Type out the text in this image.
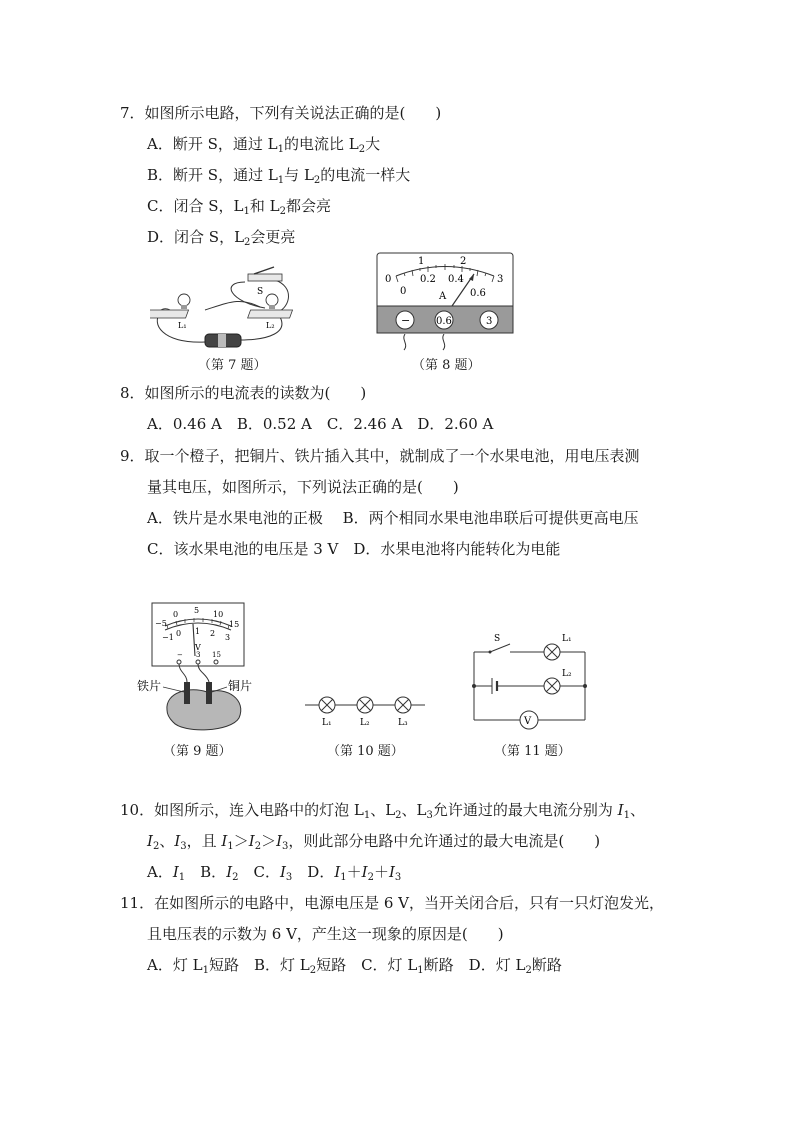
7．如图所示电路，下列有关说法正确的是(　　)
A．断开 S，通过 $L_1$的电流比 $L_2$大
B．断开 S，通过 $L_1$与 $L_2$的电流一样大
C．闭合 S，$L_1$和 $L_2$都会亮
D．闭合 S，$L_2$会更亮
L₁	L₂
S
（第 7 题）
0
1	2
3
0
0.2 0.4
0.6
A
−	0.6	3
（第 8 题）
8．如图所示的电流表的读数为(　　)
A．0.46 A　B．0.52 A　C．2.46 A　D．2.60 A
9．取一个橙子，把铜片、铁片插入其中，就制成了一个水果电池，用电压表测
量其电压，如图所示，下列说法正确的是(　　)
A．铁片是水果电池的正极　 B．两个相同水果电池串联后可提供更高电压
C．该水果电池的电压是 3 V　D．水果电池将内能转化为电能
−5
0 5 10
15
−1 0 1 2 3
V
− 3 15
铁片	铜片
（第 9 题）
L₁	L₂	L₃
（第 10 题）
S	L₁
L₂
V
（第 11 题）
10．如图所示，连入电路中的灯泡 $L_1$、$L_2$、$L_3$允许通过的最大电流分别为 $I_1$、
$I_2$、$I_3$，且 $I_1>I_2>I_3$，则此部分电路中允许通过的最大电流是(　　)
A．$I_1$　B．$I_2$　C．$I_3$　D．$I_1+I_2+I_3$
11．在如图所示的电路中，电源电压是 6 V，当开关闭合后，只有一只灯泡发光，
且电压表的示数为 6 V，产生这一现象的原因是(　　)
A．灯 $L_1$短路　B．灯 $L_2$短路　C．灯 $L_1$断路　D．灯 $L_2$断路
